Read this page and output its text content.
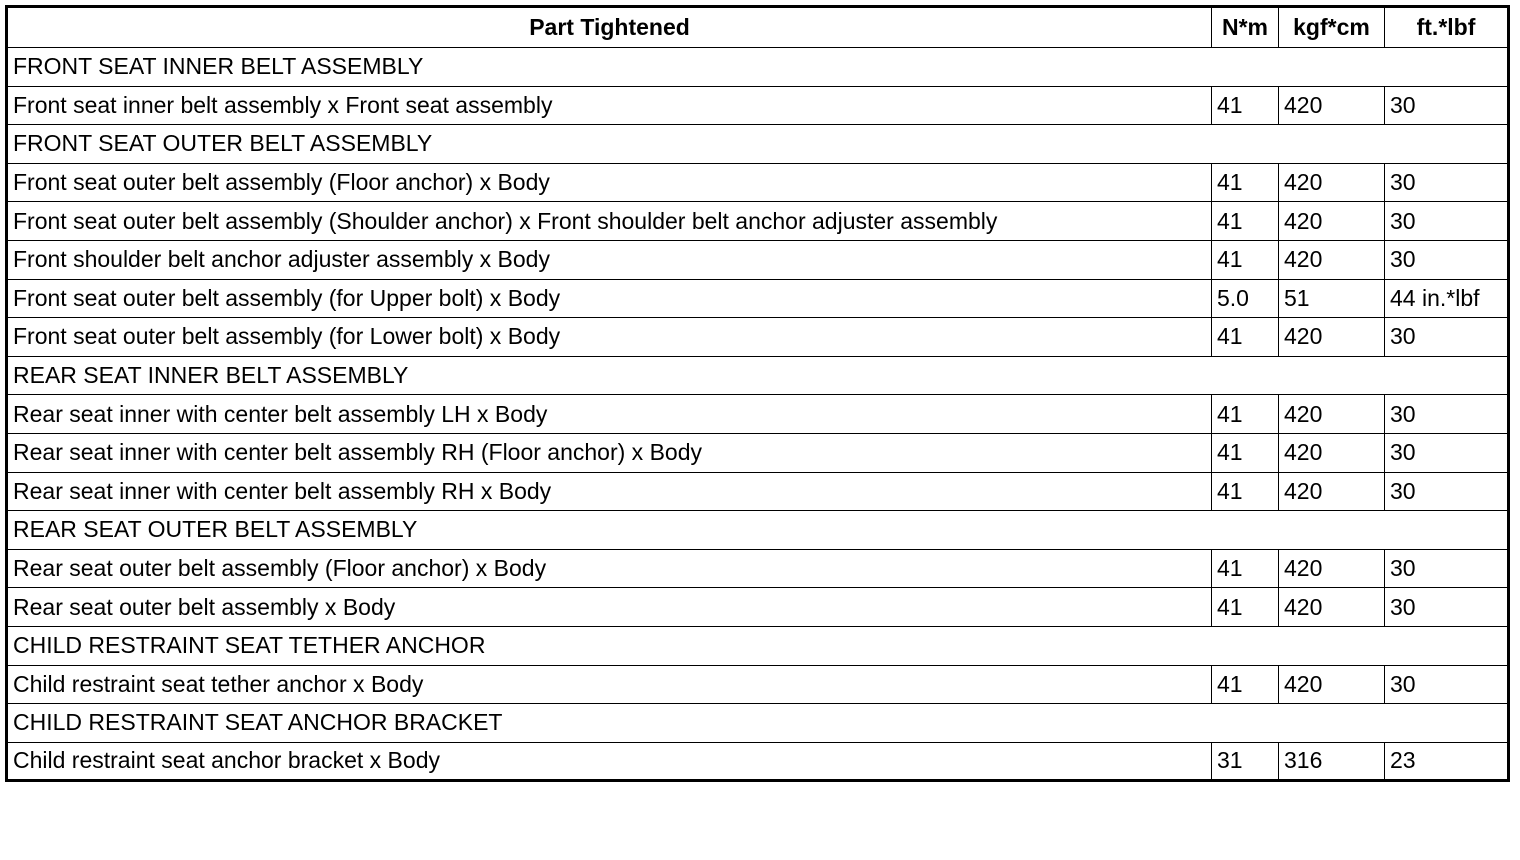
Part Tightened	N*m	kgf*cm	ft.*lbf
FRONT SEAT INNER BELT ASSEMBLY			
Front seat inner belt assembly x Front seat assembly	41	420	30
FRONT SEAT OUTER BELT ASSEMBLY			
Front seat outer belt assembly (Floor anchor) x Body	41	420	30
Front seat outer belt assembly (Shoulder anchor) x Front shoulder belt anchor adjuster assembly	41	420	30
Front shoulder belt anchor adjuster assembly x Body	41	420	30
Front seat outer belt assembly (for Upper bolt) x Body	5.0	51	44 in.*lbf
Front seat outer belt assembly (for Lower bolt) x Body	41	420	30
REAR SEAT INNER BELT ASSEMBLY			
Rear seat inner with center belt assembly LH x Body	41	420	30
Rear seat inner with center belt assembly RH (Floor anchor) x Body	41	420	30
Rear seat inner with center belt assembly RH x Body	41	420	30
REAR SEAT OUTER BELT ASSEMBLY			
Rear seat outer belt assembly (Floor anchor) x Body	41	420	30
Rear seat outer belt assembly x Body	41	420	30
CHILD RESTRAINT SEAT TETHER ANCHOR			
Child restraint seat tether anchor x Body	41	420	30
CHILD RESTRAINT SEAT ANCHOR BRACKET			
Child restraint seat anchor bracket x Body	31	316	23
